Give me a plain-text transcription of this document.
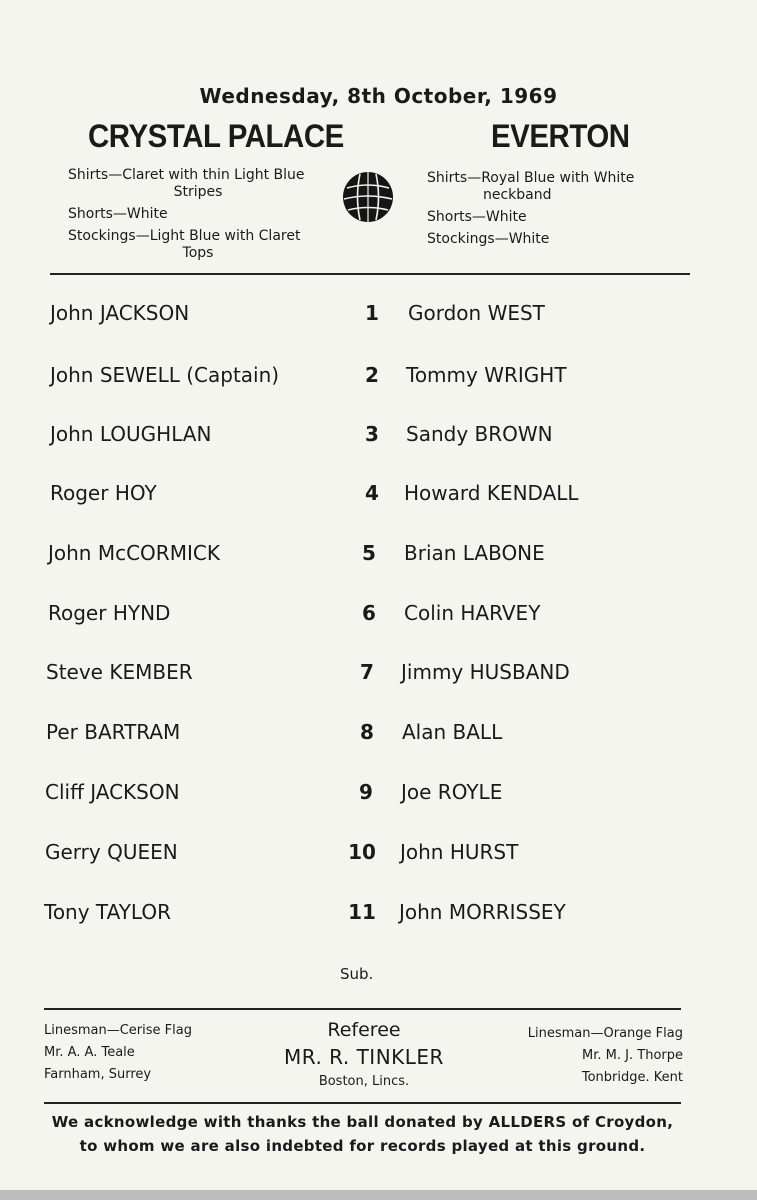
Wednesday, 8th October, 1969
CRYSTAL PALACE	EVERTON
Shirts—Claret with thin Light Blue
Stripes
Shorts—White
Stockings—Light Blue with Claret
Tops
Shirts—Royal Blue with White
neckband
Shorts—White
Stockings—White
John JACKSON	1	Gordon WEST
John SEWELL (Captain)	2	Tommy WRIGHT
John LOUGHLAN	3	Sandy BROWN
Roger HOY	4	Howard KENDALL
John McCORMICK	5	Brian LABONE
Roger HYND	6	Colin HARVEY
Steve KEMBER	7	Jimmy HUSBAND
Per BARTRAM	8	Alan BALL
Cliff JACKSON	9	Joe ROYLE
Gerry QUEEN	10	John HURST
Tony TAYLOR	11	John MORRISSEY
Sub.
Linesman—Cerise Flag
Mr. A. A. Teale
Farnham, Surrey
Referee
MR. R. TINKLER
Boston, Lincs.
Linesman—Orange Flag
Mr. M. J. Thorpe
Tonbridge. Kent
We acknowledge with thanks the ball donated by ALLDERS of Croydon,
to whom we are also indebted for records played at this ground.
